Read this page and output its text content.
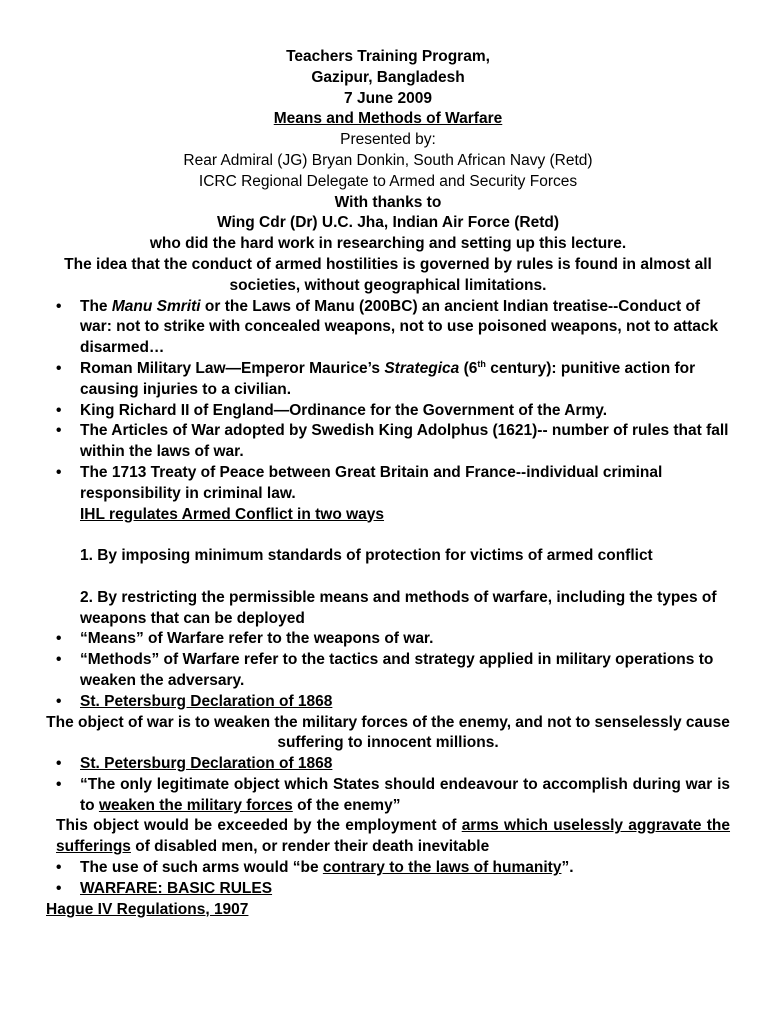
Teachers Training Program,
Gazipur, Bangladesh
7 June 2009
Means and Methods of Warfare
Presented by:
Rear Admiral (JG) Bryan Donkin, South African Navy (Retd)
ICRC Regional Delegate to Armed and Security Forces
With thanks to
Wing Cdr (Dr) U.C. Jha, Indian Air Force (Retd)
who did the hard work in researching and setting up this lecture.
The idea that the conduct of armed hostilities is governed by rules is found in almost all societies, without geographical limitations.
• The Manu Smriti or the Laws of Manu (200BC) an ancient Indian treatise--Conduct of war: not to strike with concealed weapons, not to use poisoned weapons, not to attack disarmed…
• Roman Military Law—Emperor Maurice’s Strategica (6th century): punitive action for causing injuries to a civilian.
• King Richard II of England—Ordinance for the Government of the Army.
• The Articles of War adopted by Swedish King Adolphus (1621)-- number of rules that fall within the laws of war.
• The 1713 Treaty of Peace between Great Britain and France--individual criminal responsibility in criminal law.
IHL regulates Armed Conflict in two ways
1. By imposing minimum standards of protection for victims of armed conflict
2. By restricting the permissible means and methods of warfare, including the types of weapons that can be deployed
• “Means” of Warfare refer to the weapons of war.
• “Methods” of Warfare refer to the tactics and strategy applied in military operations to weaken the adversary.
• St. Petersburg Declaration of 1868
The object of war is to weaken the military forces of the enemy, and not to senselessly cause suffering to innocent millions.
• St. Petersburg Declaration of 1868
• “The only legitimate object which States should endeavour to accomplish during war is to weaken the military forces of the enemy”
This object would be exceeded by the employment of arms which uselessly aggravate the sufferings of disabled men, or render their death inevitable
• The use of such arms would “be contrary to the laws of humanity”.
• WARFARE: BASIC RULES
Hague IV Regulations, 1907
